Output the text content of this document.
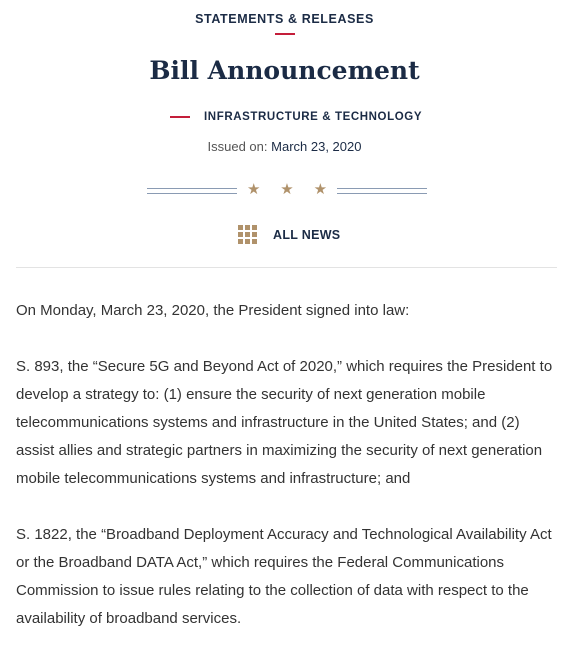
STATEMENTS & RELEASES
Bill Announcement
INFRASTRUCTURE & TECHNOLOGY
Issued on: March 23, 2020
★ ★ ★
ALL NEWS

On Monday, March 23, 2020, the President signed into law:

S. 893, the “Secure 5G and Beyond Act of 2020,” which requires the President to develop a strategy to: (1) ensure the security of next generation mobile telecommunications systems and infrastructure in the United States; and (2) assist allies and strategic partners in maximizing the security of next generation mobile telecommunications systems and infrastructure; and

S. 1822, the “Broadband Deployment Accuracy and Technological Availability Act or the Broadband DATA Act,” which requires the Federal Communications Commission to issue rules relating to the collection of data with respect to the availability of broadband services.
